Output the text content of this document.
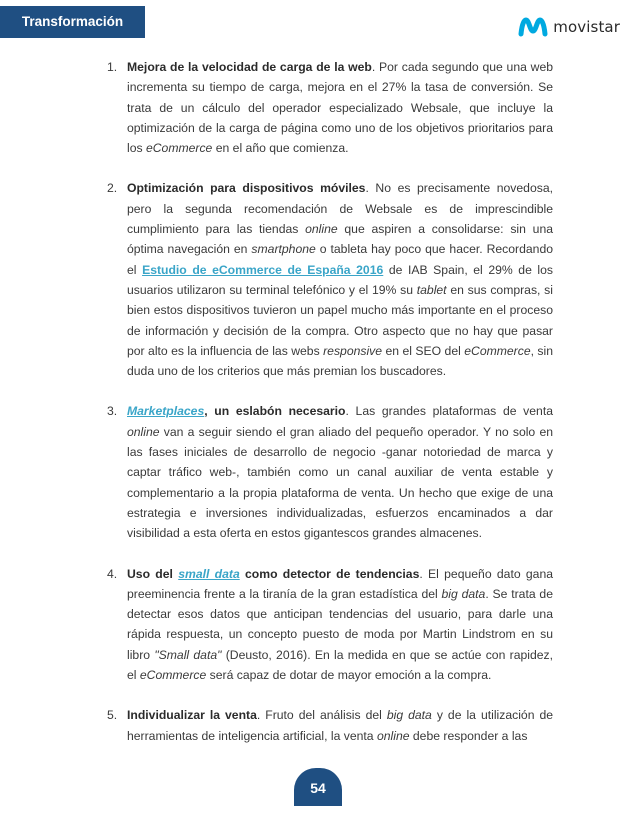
Transformación Digital
movistar
1. Mejora de la velocidad de carga de la web. Por cada segundo que una web incrementa su tiempo de carga, mejora en el 27% la tasa de conversión. Se trata de un cálculo del operador especializado Websale, que incluye la optimización de la carga de página como uno de los objetivos prioritarios para los eCommerce en el año que comienza.
2. Optimización para dispositivos móviles. No es precisamente novedosa, pero la segunda recomendación de Websale es de imprescindible cumplimiento para las tiendas online que aspiren a consolidarse: sin una óptima navegación en smartphone o tableta hay poco que hacer. Recordando el Estudio de eCommerce de España 2016 de IAB Spain, el 29% de los usuarios utilizaron su terminal telefónico y el 19% su tablet en sus compras, si bien estos dispositivos tuvieron un papel mucho más importante en el proceso de información y decisión de la compra. Otro aspecto que no hay que pasar por alto es la influencia de las webs responsive en el SEO del eCommerce, sin duda uno de los criterios que más premian los buscadores.
3. Marketplaces, un eslabón necesario. Las grandes plataformas de venta online van a seguir siendo el gran aliado del pequeño operador. Y no solo en las fases iniciales de desarrollo de negocio -ganar notoriedad de marca y captar tráfico web-, también como un canal auxiliar de venta estable y complementario a la propia plataforma de venta. Un hecho que exige de una estrategia e inversiones individualizadas, esfuerzos encaminados a dar visibilidad a esta oferta en estos gigantescos grandes almacenes.
4. Uso del small data como detector de tendencias. El pequeño dato gana preeminencia frente a la tiranía de la gran estadística del big data. Se trata de detectar esos datos que anticipan tendencias del usuario, para darle una rápida respuesta, un concepto puesto de moda por Martin Lindstrom en su libro "Small data" (Deusto, 2016). En la medida en que se actúe con rapidez, el eCommerce será capaz de dotar de mayor emoción a la compra.
5. Individualizar la venta. Fruto del análisis del big data y de la utilización de herramientas de inteligencia artificial, la venta online debe responder a las
54
